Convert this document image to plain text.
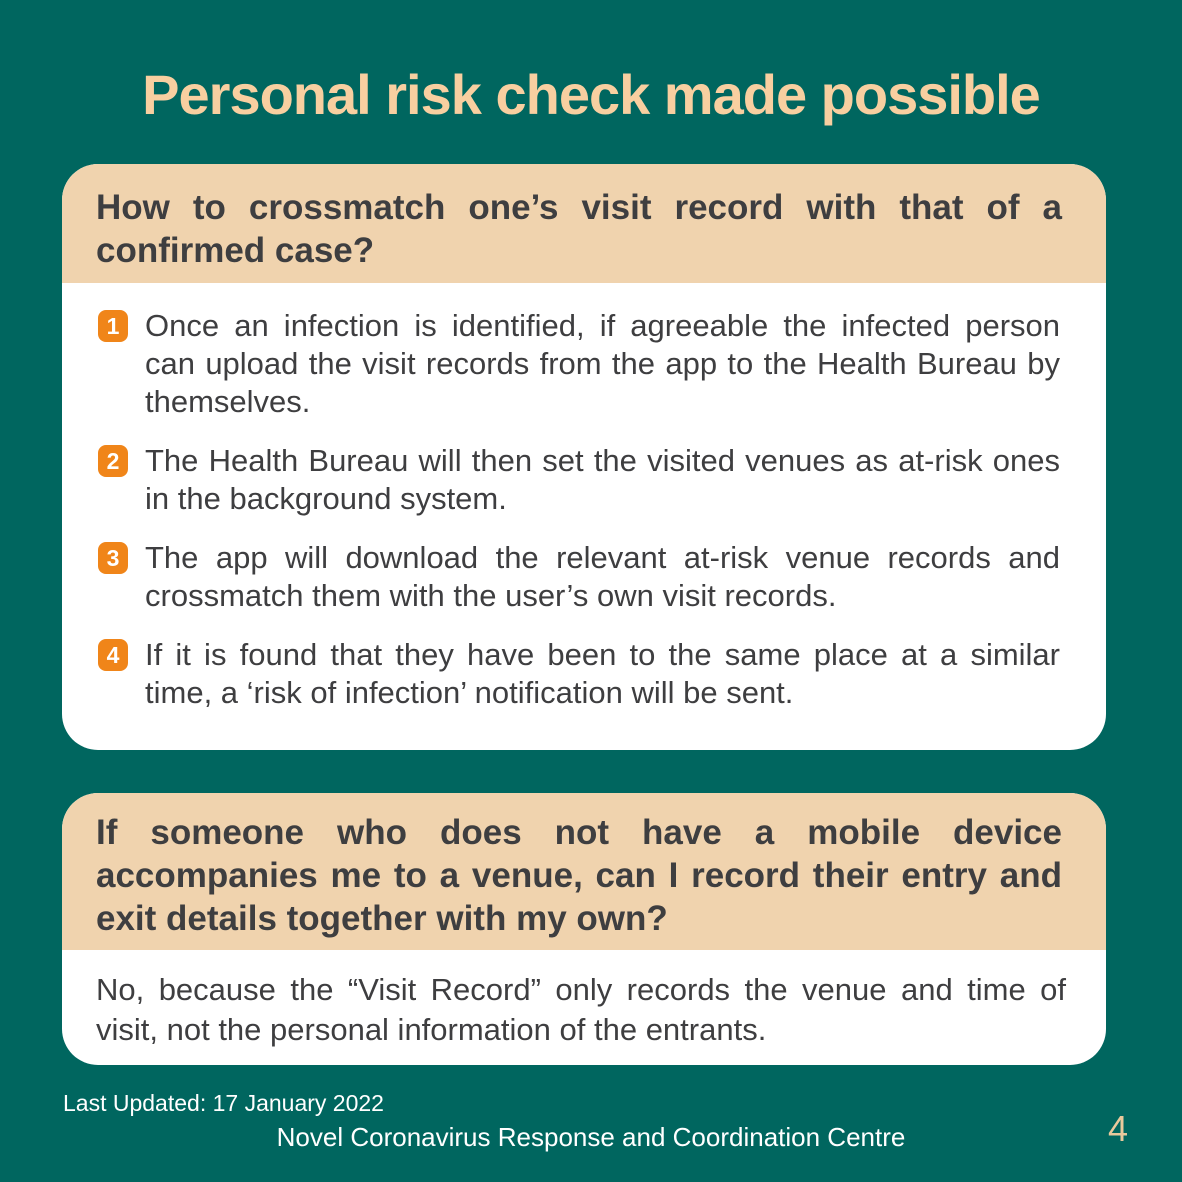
Personal risk check made possible
How to crossmatch one’s visit record with that of a confirmed case?
1 Once an infection is identified, if agreeable the infected person can upload the visit records from the app to the Health Bureau by themselves.

2 The Health Bureau will then set the visited venues as at-risk ones in the background system.

3 The app will download the relevant at-risk venue records and crossmatch them with the user’s own visit records.

4 If it is found that they have been to the same place at a similar time, a ‘risk of infection’ notification will be sent.

If someone who does not have a mobile device accompanies me to a venue, can I record their entry and exit details together with my own?

No, because the “Visit Record” only records the venue and time of visit, not the personal information of the entrants.

Last Updated: 17 January 2022
Novel Coronavirus Response and Coordination Centre	4
